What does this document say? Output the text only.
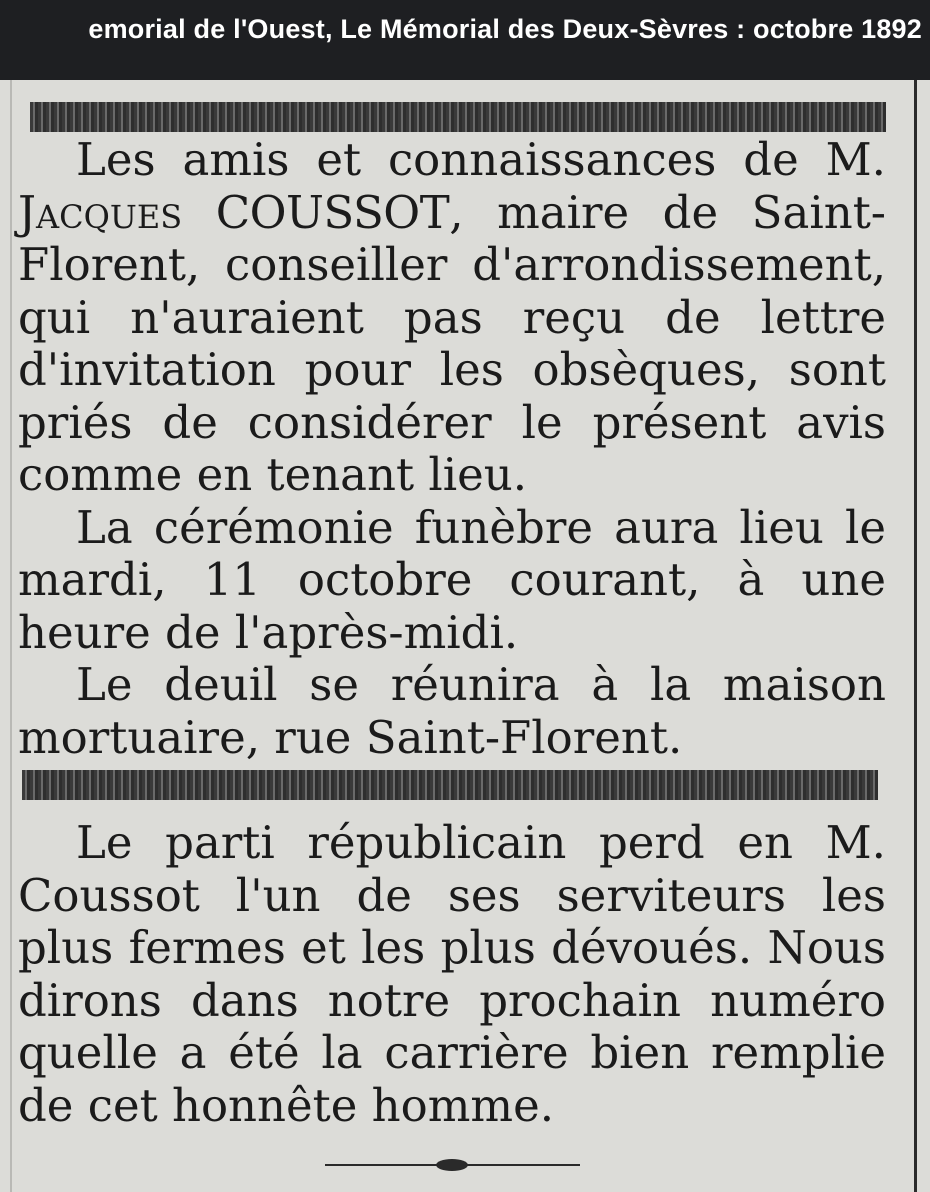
emorial de l'Ouest, Le Mémorial des Deux-Sèvres : octobre 1892

Les amis et connaissances de M. Jacques COUSSOT, maire de Saint-Florent, conseiller d'arrondissement, qui n'auraient pas reçu de lettre d'invitation pour les obsèques, sont priés de considérer le présent avis comme en tenant lieu.

La cérémonie funèbre aura lieu le mardi, 11 octobre courant, à une heure de l'après-midi.

Le deuil se réunira à la maison mortuaire, rue Saint-Florent.

Le parti républicain perd en M. Coussot l'un de ses serviteurs les plus fermes et les plus dévoués. Nous dirons dans notre prochain numéro quelle a été la carrière bien remplie de cet honnête homme.
